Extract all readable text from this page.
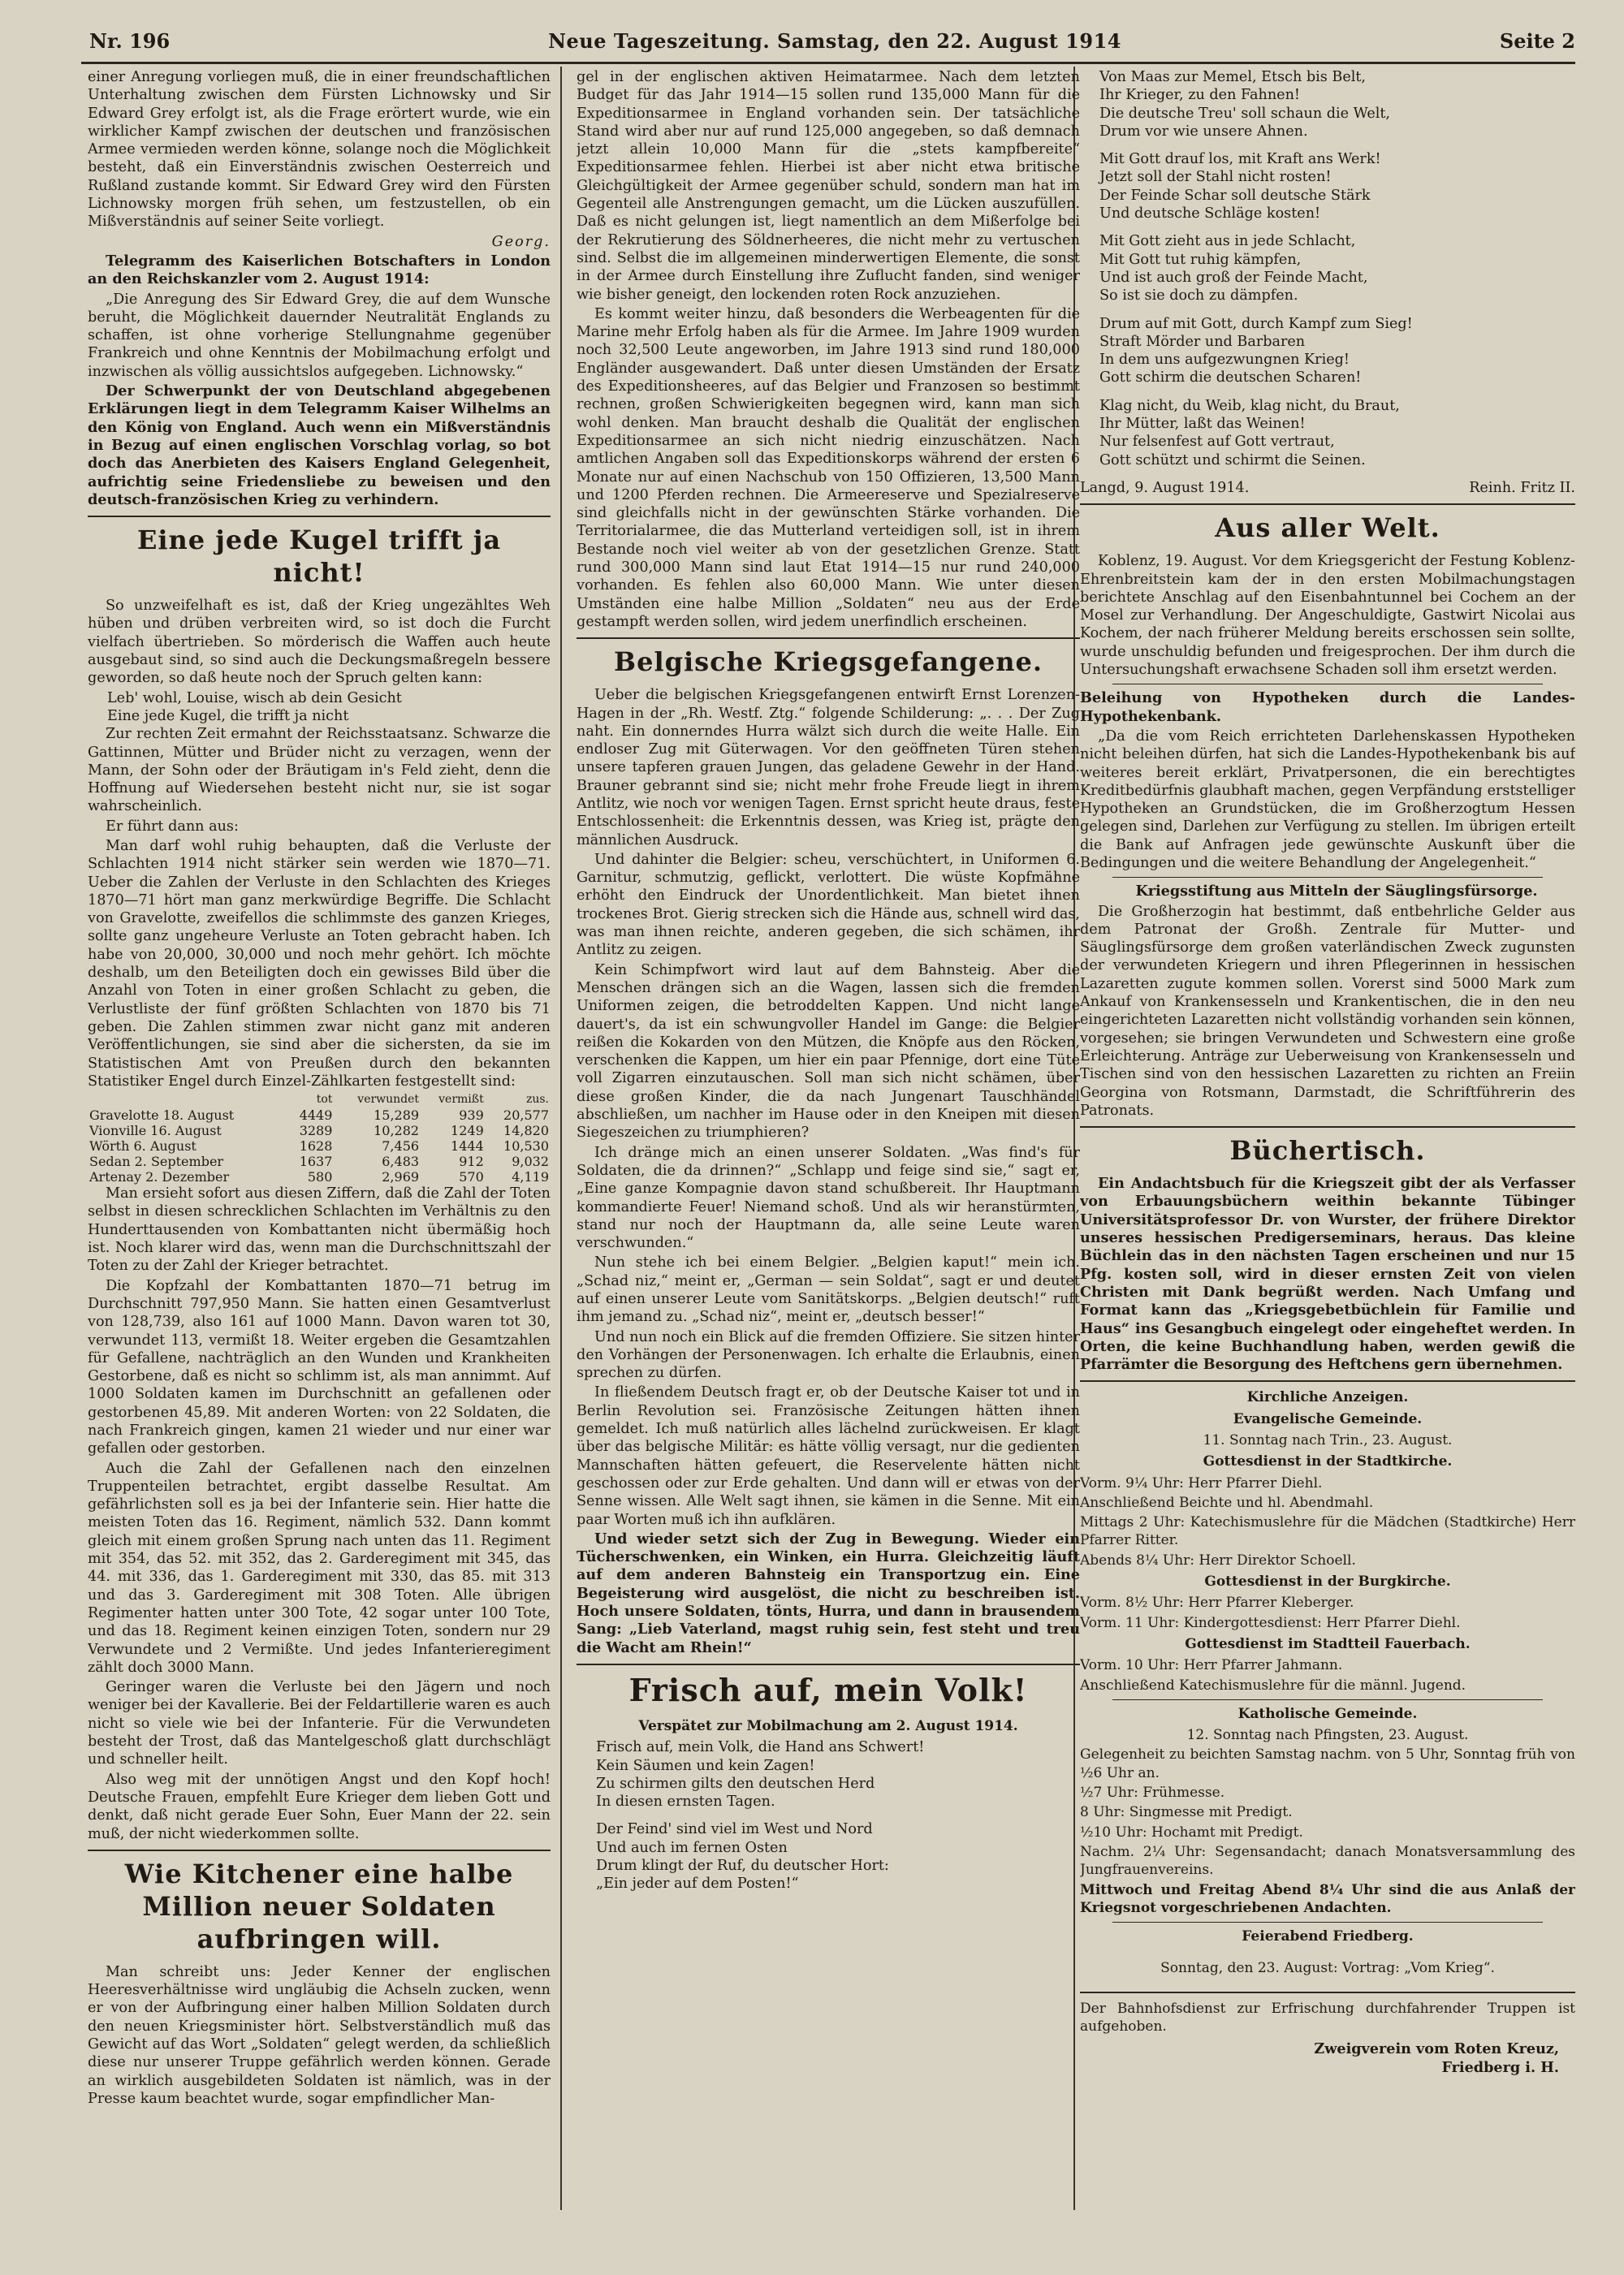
Nr. 196	Neue Tageszeitung. Samstag, den 22. August 1914	Seite 2

einer Anregung vorliegen muß, die in einer freundschaftlichen Unterhaltung zwischen dem Fürsten Lichnowsky und Sir Edward Grey erfolgt ist, als die Frage erörtert wurde, wie ein wirklicher Kampf zwischen der deutschen und französischen Armee vermieden werden könne, solange noch die Möglichkeit besteht, daß ein Einverständnis zwischen Oesterreich und Rußland zustande kommt. Sir Edward Grey wird den Fürsten Lichnowsky morgen früh sehen, um festzustellen, ob ein Mißverständnis auf seiner Seite vorliegt.

Georg.

Telegramm des Kaiserlichen Botschafters in London an den Reichskanzler vom 2. August 1914:

„Die Anregung des Sir Edward Grey, die auf dem Wunsche beruht, die Möglichkeit dauernder Neutralität Englands zu schaffen, ist ohne vorherige Stellungnahme gegenüber Frankreich und ohne Kenntnis der Mobilmachung erfolgt und inzwischen als völlig aussichtslos aufgegeben. Lichnowsky.“

Der Schwerpunkt der von Deutschland abgegebenen Erklärungen liegt in dem Telegramm Kaiser Wilhelms an den König von England. Auch wenn ein Mißverständnis in Bezug auf einen englischen Vorschlag vorlag, so bot doch das Anerbieten des Kaisers England Gelegenheit, aufrichtig seine Friedensliebe zu beweisen und den deutsch-französischen Krieg zu verhindern.

Eine jede Kugel trifft ja nicht!

So unzweifelhaft es ist, daß der Krieg ungezähltes Weh hüben und drüben verbreiten wird, so ist doch die Furcht vielfach übertrieben. So mörderisch die Waffen auch heute ausgebaut sind, so sind auch die Deckungsmaßregeln bessere geworden, so daß heute noch der Spruch gelten kann:

Leb' wohl, Louise, wisch ab dein Gesicht

Eine jede Kugel, die trifft ja nicht

Zur rechten Zeit ermahnt der Reichsstaatsanz. Schwarze die Gattinnen, Mütter und Brüder nicht zu verzagen, wenn der Mann, der Sohn oder der Bräutigam in's Feld zieht, denn die Hoffnung auf Wiedersehen besteht nicht nur, sie ist sogar wahrscheinlich.

Er führt dann aus:

Man darf wohl ruhig behaupten, daß die Verluste der Schlachten 1914 nicht stärker sein werden wie 1870—71. Ueber die Zahlen der Verluste in den Schlachten des Krieges 1870—71 hört man ganz merkwürdige Begriffe. Die Schlacht von Gravelotte, zweifellos die schlimmste des ganzen Krieges, sollte ganz ungeheure Verluste an Toten gebracht haben. Ich habe von 20,000, 30,000 und noch mehr gehört. Ich möchte deshalb, um den Beteiligten doch ein gewisses Bild über die Anzahl von Toten in einer großen Schlacht zu geben, die Verlustliste der fünf größten Schlachten von 1870 bis 71 geben. Die Zahlen stimmen zwar nicht ganz mit anderen Veröffentlichungen, sie sind aber die sichersten, da sie im Statistischen Amt von Preußen durch den bekannten Statistiker Engel durch Einzel-Zählkarten festgestellt sind:

	tot	verwundet	vermißt	zus.
Gravelotte 18. August	4449	15,289	939	20,577
Vionville 16. August	3289	10,282	1249	14,820
Wörth 6. August	1628	7,456	1444	10,530
Sedan 2. September	1637	6,483	912	9,032
Artenay 2. Dezember	580	2,969	570	4,119

Man ersieht sofort aus diesen Ziffern, daß die Zahl der Toten selbst in diesen schrecklichen Schlachten im Verhältnis zu den Hunderttausenden von Kombattanten nicht übermäßig hoch ist. Noch klarer wird das, wenn man die Durchschnittszahl der Toten zu der Zahl der Krieger betrachtet.

Die Kopfzahl der Kombattanten 1870—71 betrug im Durchschnitt 797,950 Mann. Sie hatten einen Gesamtverlust von 128,739, also 161 auf 1000 Mann. Davon waren tot 30, verwundet 113, vermißt 18. Weiter ergeben die Gesamtzahlen für Gefallene, nachträglich an den Wunden und Krankheiten Gestorbene, daß es nicht so schlimm ist, als man annimmt. Auf 1000 Soldaten kamen im Durchschnitt an gefallenen oder gestorbenen 45,89. Mit anderen Worten: von 22 Soldaten, die nach Frankreich gingen, kamen 21 wieder und nur einer war gefallen oder gestorben.

Auch die Zahl der Gefallenen nach den einzelnen Truppenteilen betrachtet, ergibt dasselbe Resultat. Am gefährlichsten soll es ja bei der Infanterie sein. Hier hatte die meisten Toten das 16. Regiment, nämlich 532. Dann kommt gleich mit einem großen Sprung nach unten das 11. Regiment mit 354, das 52. mit 352, das 2. Garderegiment mit 345, das 44. mit 336, das 1. Garderegiment mit 330, das 85. mit 313 und das 3. Garderegiment mit 308 Toten. Alle übrigen Regimenter hatten unter 300 Tote, 42 sogar unter 100 Tote, und das 18. Regiment keinen einzigen Toten, sondern nur 29 Verwundete und 2 Vermißte. Und jedes Infanterieregiment zählt doch 3000 Mann.

Geringer waren die Verluste bei den Jägern und noch weniger bei der Kavallerie. Bei der Feldartillerie waren es auch nicht so viele wie bei der Infanterie. Für die Verwundeten besteht der Trost, daß das Mantelgeschoß glatt durchschlägt und schneller heilt.

Also weg mit der unnötigen Angst und den Kopf hoch! Deutsche Frauen, empfehlt Eure Krieger dem lieben Gott und denkt, daß nicht gerade Euer Sohn, Euer Mann der 22. sein muß, der nicht wiederkommen sollte.

Wie Kitchener eine halbe Million neuer Soldaten aufbringen will.

Man schreibt uns: Jeder Kenner der englischen Heeresverhältnisse wird ungläubig die Achseln zucken, wenn er von der Aufbringung einer halben Million Soldaten durch den neuen Kriegsminister hört. Selbstverständlich muß das Gewicht auf das Wort „Soldaten“ gelegt werden, da schließlich diese nur unserer Truppe gefährlich werden können. Gerade an wirklich ausgebildeten Soldaten ist nämlich, was in der Presse kaum beachtet wurde, sogar empfindlicher Man-

gel in der englischen aktiven Heimatarmee. Nach dem letzten Budget für das Jahr 1914—15 sollen rund 135,000 Mann für die Expeditionsarmee in England vorhanden sein. Der tatsächliche Stand wird aber nur auf rund 125,000 angegeben, so daß demnach jetzt allein 10,000 Mann für die „stets kampfbereite“ Expeditionsarmee fehlen. Hierbei ist aber nicht etwa britische Gleichgültigkeit der Armee gegenüber schuld, sondern man hat im Gegenteil alle Anstrengungen gemacht, um die Lücken auszufüllen. Daß es nicht gelungen ist, liegt namentlich an dem Mißerfolge bei der Rekrutierung des Söldnerheeres, die nicht mehr zu vertuschen sind. Selbst die im allgemeinen minderwertigen Elemente, die sonst in der Armee durch Einstellung ihre Zuflucht fanden, sind weniger wie bisher geneigt, den lockenden roten Rock anzuziehen.

Es kommt weiter hinzu, daß besonders die Werbeagenten für die Marine mehr Erfolg haben als für die Armee. Im Jahre 1909 wurden noch 32,500 Leute angeworben, im Jahre 1913 sind rund 180,000 Engländer ausgewandert. Daß unter diesen Umständen der Ersatz des Expeditionsheeres, auf das Belgier und Franzosen so bestimmt rechnen, großen Schwierigkeiten begegnen wird, kann man sich wohl denken. Man braucht deshalb die Qualität der englischen Expeditionsarmee an sich nicht niedrig einzuschätzen. Nach amtlichen Angaben soll das Expeditionskorps während der ersten 6 Monate nur auf einen Nachschub von 150 Offizieren, 13,500 Mann und 1200 Pferden rechnen. Die Armeereserve und Spezialreserve sind gleichfalls nicht in der gewünschten Stärke vorhanden. Die Territorialarmee, die das Mutterland verteidigen soll, ist in ihrem Bestande noch viel weiter ab von der gesetzlichen Grenze. Statt rund 300,000 Mann sind laut Etat 1914—15 nur rund 240,000 vorhanden. Es fehlen also 60,000 Mann. Wie unter diesen Umständen eine halbe Million „Soldaten“ neu aus der Erde gestampft werden sollen, wird jedem unerfindlich erscheinen.

Belgische Kriegsgefangene.

Ueber die belgischen Kriegsgefangenen entwirft Ernst Lorenzen-Hagen in der „Rh. Westf. Ztg.“ folgende Schilderung: „. . . Der Zug naht. Ein donnerndes Hurra wälzt sich durch die weite Halle. Ein endloser Zug mit Güterwagen. Vor den geöffneten Türen stehen unsere tapferen grauen Jungen, das geladene Gewehr in der Hand. Brauner gebrannt sind sie; nicht mehr frohe Freude liegt in ihrem Antlitz, wie noch vor wenigen Tagen. Ernst spricht heute draus, feste Entschlossenheit: die Erkenntnis dessen, was Krieg ist, prägte den männlichen Ausdruck.

Und dahinter die Belgier: scheu, verschüchtert, in Uniformen 6. Garnitur, schmutzig, geflickt, verlottert. Die wüste Kopfmähne erhöht den Eindruck der Unordentlichkeit. Man bietet ihnen trockenes Brot. Gierig strecken sich die Hände aus, schnell wird das, was man ihnen reichte, anderen gegeben, die sich schämen, ihr Antlitz zu zeigen.

Kein Schimpfwort wird laut auf dem Bahnsteig. Aber die Menschen drängen sich an die Wagen, lassen sich die fremden Uniformen zeigen, die betroddelten Kappen. Und nicht lange dauert's, da ist ein schwungvoller Handel im Gange: die Belgier reißen die Kokarden von den Mützen, die Knöpfe aus den Röcken, verschenken die Kappen, um hier ein paar Pfennige, dort eine Tüte voll Zigarren einzutauschen. Soll man sich nicht schämen, über diese großen Kinder, die da nach Jungenart Tauschhändel abschließen, um nachher im Hause oder in den Kneipen mit diesen Siegeszeichen zu triumphieren?

Ich dränge mich an einen unserer Soldaten. „Was find's für Soldaten, die da drinnen?“ „Schlapp und feige sind sie,“ sagt er, „Eine ganze Kompagnie davon stand schußbereit. Ihr Hauptmann kommandierte Feuer! Niemand schoß. Und als wir heranstürmten, stand nur noch der Hauptmann da, alle seine Leute waren verschwunden.“

Nun stehe ich bei einem Belgier. „Belgien kaput!“ mein ich. „Schad niz,“ meint er, „German — sein Soldat“, sagt er und deutet auf einen unserer Leute vom Sanitätskorps. „Belgien deutsch!“ ruft ihm jemand zu. „Schad niz“, meint er, „deutsch besser!“

Und nun noch ein Blick auf die fremden Offiziere. Sie sitzen hinter den Vorhängen der Personenwagen. Ich erhalte die Erlaubnis, einen sprechen zu dürfen.

In fließendem Deutsch fragt er, ob der Deutsche Kaiser tot und in Berlin Revolution sei. Französische Zeitungen hätten ihnen gemeldet. Ich muß natürlich alles lächelnd zurückweisen. Er klagt über das belgische Militär: es hätte völlig versagt, nur die gedienten Mannschaften hätten gefeuert, die Reservelente hätten nicht geschossen oder zur Erde gehalten. Und dann will er etwas von der Senne wissen. Alle Welt sagt ihnen, sie kämen in die Senne. Mit ein paar Worten muß ich ihn aufklären.

Und wieder setzt sich der Zug in Bewegung. Wieder ein Tücherschwenken, ein Winken, ein Hurra. Gleichzeitig läuft auf dem anderen Bahnsteig ein Transportzug ein. Eine Begeisterung wird ausgelöst, die nicht zu beschreiben ist. Hoch unsere Soldaten, tönts, Hurra, und dann in brausendem Sang: „Lieb Vaterland, magst ruhig sein, fest steht und treu die Wacht am Rhein!“

Frisch auf, mein Volk!

Verspätet zur Mobilmachung am 2. August 1914.

Frisch auf, mein Volk, die Hand ans Schwert!

Kein Säumen und kein Zagen!

Zu schirmen gilts den deutschen Herd

In diesen ernsten Tagen.

Der Feind' sind viel im West und Nord

Und auch im fernen Osten

Drum klingt der Ruf, du deutscher Hort:

„Ein jeder auf dem Posten!“

Von Maas zur Memel, Etsch bis Belt,

Ihr Krieger, zu den Fahnen!

Die deutsche Treu' soll schaun die Welt,

Drum vor wie unsere Ahnen.

Mit Gott drauf los, mit Kraft ans Werk!

Jetzt soll der Stahl nicht rosten!

Der Feinde Schar soll deutsche Stärk

Und deutsche Schläge kosten!

Mit Gott zieht aus in jede Schlacht,

Mit Gott tut ruhig kämpfen,

Und ist auch groß der Feinde Macht,

So ist sie doch zu dämpfen.

Drum auf mit Gott, durch Kampf zum Sieg!

Straft Mörder und Barbaren

In dem uns aufgezwungnen Krieg!

Gott schirm die deutschen Scharen!

Klag nicht, du Weib, klag nicht, du Braut,

Ihr Mütter, laßt das Weinen!

Nur felsenfest auf Gott vertraut,

Gott schützt und schirmt die Seinen.

Langd, 9. August 1914.	Reinh. Fritz II.
Aus aller Welt.

Koblenz, 19. August. Vor dem Kriegsgericht der Festung Koblenz-Ehrenbreitstein kam der in den ersten Mobilmachungstagen berichtete Anschlag auf den Eisenbahntunnel bei Cochem an der Mosel zur Verhandlung. Der Angeschuldigte, Gastwirt Nicolai aus Kochem, der nach früherer Meldung bereits erschossen sein sollte, wurde unschuldig befunden und freigesprochen. Der ihm durch die Untersuchungshaft erwachsene Schaden soll ihm ersetzt werden.

Beleihung von Hypotheken durch die Landes-Hypothekenbank.

„Da die vom Reich errichteten Darlehenskassen Hypotheken nicht beleihen dürfen, hat sich die Landes-Hypothekenbank bis auf weiteres bereit erklärt, Privatpersonen, die ein berechtigtes Kreditbedürfnis glaubhaft machen, gegen Verpfändung erststelliger Hypotheken an Grundstücken, die im Großherzogtum Hessen gelegen sind, Darlehen zur Verfügung zu stellen. Im übrigen erteilt die Bank auf Anfragen jede gewünschte Auskunft über die Bedingungen und die weitere Behandlung der Angelegenheit.“

Kriegsstiftung aus Mitteln der Säuglingsfürsorge.

Die Großherzogin hat bestimmt, daß entbehrliche Gelder aus dem Patronat der Großh. Zentrale für Mutter- und Säuglingsfürsorge dem großen vaterländischen Zweck zugunsten der verwundeten Kriegern und ihren Pflegerinnen in hessischen Lazaretten zugute kommen sollen. Vorerst sind 5000 Mark zum Ankauf von Krankensesseln und Krankentischen, die in den neu eingerichteten Lazaretten nicht vollständig vorhanden sein können, vorgesehen; sie bringen Verwundeten und Schwestern eine große Erleichterung. Anträge zur Ueberweisung von Krankensesseln und Tischen sind von den hessischen Lazaretten zu richten an Freiin Georgina von Rotsmann, Darmstadt, die Schriftführerin des Patronats.

Büchertisch.

Ein Andachtsbuch für die Kriegszeit gibt der als Verfasser von Erbauungsbüchern weithin bekannte Tübinger Universitätsprofessor Dr. von Wurster, der frühere Direktor unseres hessischen Predigerseminars, heraus. Das kleine Büchlein das in den nächsten Tagen erscheinen und nur 15 Pfg. kosten soll, wird in dieser ernsten Zeit von vielen Christen mit Dank begrüßt werden. Nach Umfang und Format kann das „Kriegsgebetbüchlein für Familie und Haus“ ins Gesangbuch eingelegt oder eingeheftet werden. In Orten, die keine Buchhandlung haben, werden gewiß die Pfarrämter die Besorgung des Heftchens gern übernehmen.

Kirchliche Anzeigen.

Evangelische Gemeinde.

11. Sonntag nach Trin., 23. August.

Gottesdienst in der Stadtkirche.

Vorm. 9¼ Uhr: Herr Pfarrer Diehl.

Anschließend Beichte und hl. Abendmahl.

Mittags 2 Uhr: Katechismuslehre für die Mädchen (Stadtkirche) Herr Pfarrer Ritter.

Abends 8¼ Uhr: Herr Direktor Schoell.

Gottesdienst in der Burgkirche.

Vorm. 8½ Uhr: Herr Pfarrer Kleberger.

Vorm. 11 Uhr: Kindergottesdienst: Herr Pfarrer Diehl.

Gottesdienst im Stadtteil Fauerbach.

Vorm. 10 Uhr: Herr Pfarrer Jahmann.

Anschließend Katechismuslehre für die männl. Jugend.

Katholische Gemeinde.

12. Sonntag nach Pfingsten, 23. August.

Gelegenheit zu beichten Samstag nachm. von 5 Uhr, Sonntag früh von ½6 Uhr an.

½7 Uhr: Frühmesse.

8 Uhr: Singmesse mit Predigt.

½10 Uhr: Hochamt mit Predigt.

Nachm. 2¼ Uhr: Segensandacht; danach Monatsversammlung des Jungfrauenvereins.

Mittwoch und Freitag Abend 8¼ Uhr sind die aus Anlaß der Kriegsnot vorgeschriebenen Andachten.

Feierabend Friedberg.

Sonntag, den 23. August: Vortrag: „Vom Krieg“.

Der Bahnhofsdienst zur Erfrischung durchfahrender Truppen ist aufgehoben.

Zweigverein vom Roten Kreuz,

Friedberg i. H.
